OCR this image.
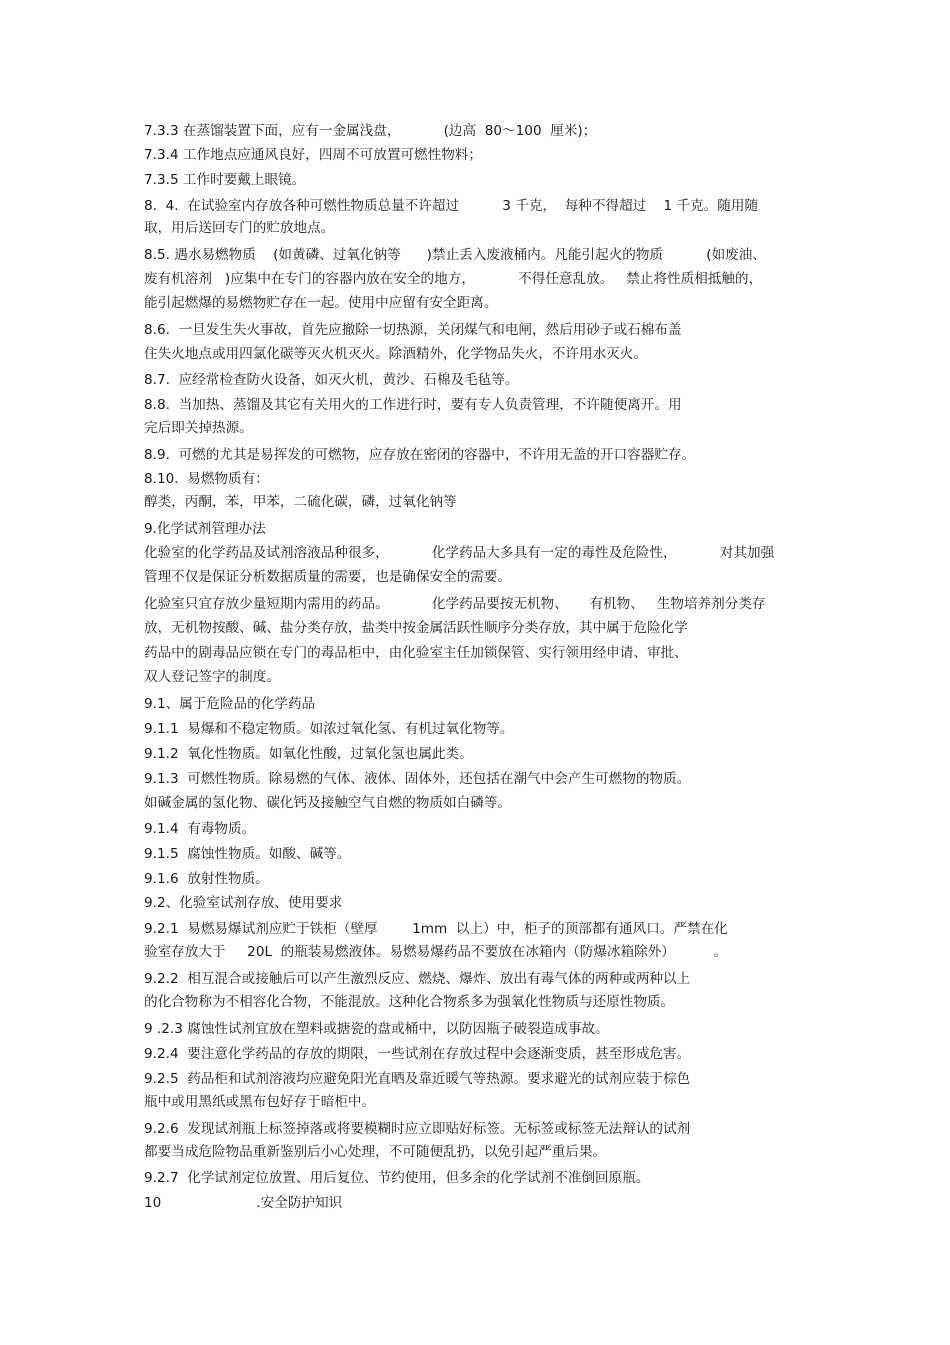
7.3.3 在蒸馏装置下面，应有一金属浅盘，          (边高  80～100  厘米)；
7.3.4 工作地点应通风良好，四周不可放置可燃性物料；
7.3.5 工作时要戴上眼镜。
8.  4.  在试验室内存放各种可燃性物质总量不许超过          3 千克，  每种不得超过    1 千克。随用随
取，用后送回专门的贮放地点。
8.5. 遇水易燃物质    (如黄磷、过氧化钠等      )禁止丢入废液桶内。凡能引起火的物质          (如废油、
废有机溶剂   )应集中在专门的容器内放在安全的地方，          不得任意乱放。   禁止将性质相抵触的，
能引起燃爆的易燃物贮存在一起。使用中应留有安全距离。
8.6.  一旦发生失火事故，首先应撤除一切热源，关闭煤气和电闸，然后用砂子或石棉布盖
住失火地点或用四氯化碳等灭火机灭火。除酒精外，化学物品失火，不许用水灭火。
8.7.  应经常检查防火设备，如灭火机，黄沙、石棉及毛毡等。
8.8.  当加热、蒸馏及其它有关用火的工作进行时，要有专人负责管理，不许随便离开。用
完后即关掉热源。
8.9.  可燃的尤其是易挥发的可燃物，应存放在密闭的容器中，不许用无盖的开口容器贮存。
8.10.  易燃物质有：
醇类，丙酮，苯，甲苯，二硫化碳，磷，过氧化钠等
9.化学试剂管理办法
化验室的化学药品及试剂溶液品种很多，          化学药品大多具有一定的毒性及危险性，          对其加强
管理不仅是保证分析数据质量的需要，也是确保安全的需要。
化验室只宜存放少量短期内需用的药品。          化学药品要按无机物、     有机物、   生物培养剂分类存
放，无机物按酸、碱、盐分类存放，盐类中按金属活跃性顺序分类存放，其中属于危险化学
药品中的剧毒品应锁在专门的毒品柜中，由化验室主任加锁保管、实行领用经申请、审批、
双人登记签字的制度。
9.1、属于危险品的化学药品
9.1.1  易爆和不稳定物质。如浓过氧化氢、有机过氧化物等。
9.1.2  氧化性物质。如氧化性酸，过氧化氢也属此类。
9.1.3  可燃性物质。除易燃的气体、液体、固体外，还包括在潮气中会产生可燃物的物质。
如碱金属的氢化物、碳化钙及接触空气自燃的物质如白磷等。
9.1.4  有毒物质。
9.1.5  腐蚀性物质。如酸、碱等。
9.1.6  放射性物质。
9.2、化验室试剂存放、使用要求
9.2.1  易燃易爆试剂应贮于铁柜（壁厚        1mm  以上）中，柜子的顶部都有通风口。严禁在化
验室存放大于     20L  的瓶装易燃液体。易燃易爆药品不要放在冰箱内（防爆冰箱除外）         。
9.2.2  相互混合或接触后可以产生激烈反应、燃烧、爆炸、放出有毒气体的两种或两种以上
的化合物称为不相容化合物，不能混放。这种化合物系多为强氧化性物质与还原性物质。
9 .2.3 腐蚀性试剂宜放在塑料或搪瓷的盘或桶中，以防因瓶子破裂造成事故。
9.2.4  要注意化学药品的存放的期限，一些试剂在存放过程中会逐渐变质，甚至形成危害。
9.2.5  药品柜和试剂溶液均应避免阳光直晒及靠近暖气等热源。要求避光的试剂应装于棕色
瓶中或用黑纸或黑布包好存于暗柜中。
9.2.6  发现试剂瓶上标签掉落或将要模糊时应立即贴好标签。无标签或标签无法辩认的试剂
都要当成危险物品重新鉴别后小心处理，不可随便乱扔，以免引起严重后果。
9.2.7  化学试剂定位放置、用后复位、节约使用，但多余的化学试剂不准倒回原瓶。
10                      .安全防护知识
